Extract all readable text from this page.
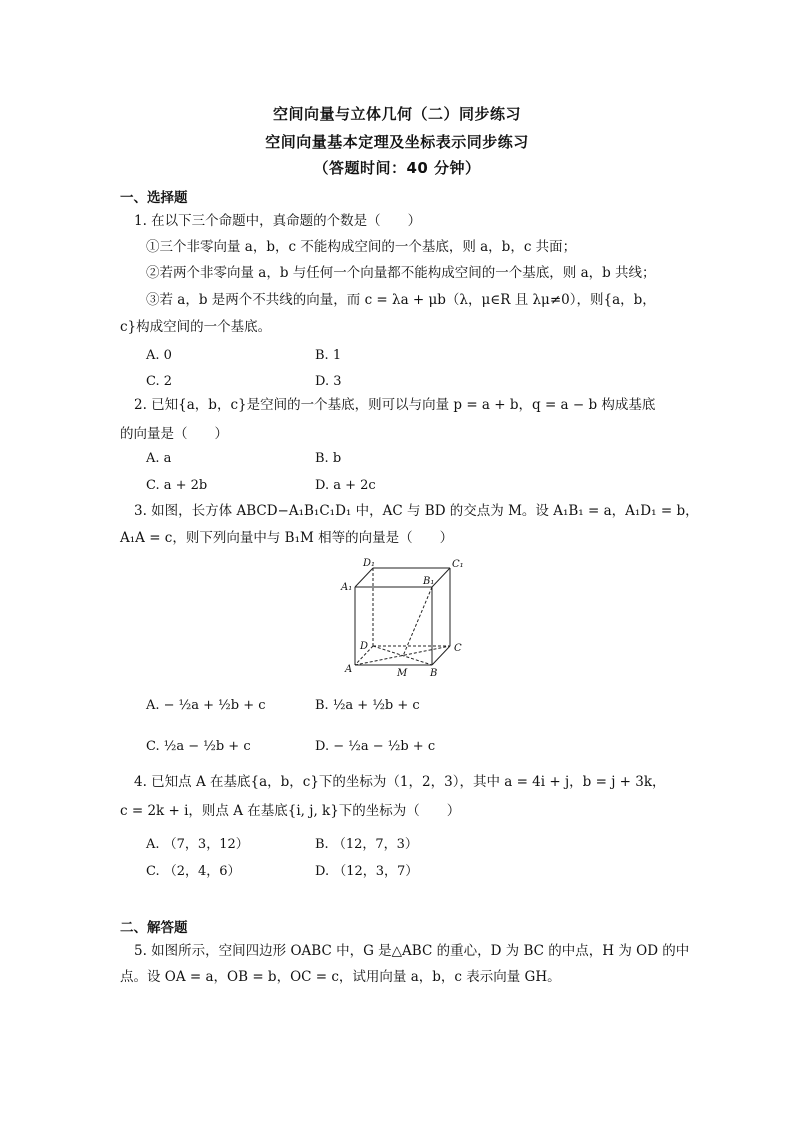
空间向量与立体几何（二）同步练习
空间向量基本定理及坐标表示同步练习
（答题时间：40 分钟）
一、选择题
1. 在以下三个命题中，真命题的个数是（　　）
①三个非零向量 a，b，c 不能构成空间的一个基底，则 a，b，c 共面；
②若两个非零向量 a，b 与任何一个向量都不能构成空间的一个基底，则 a，b 共线；
③若 a，b 是两个不共线的向量，而 c = λa + μb（λ，μ∈R 且 λμ≠0），则{a，b，
c}构成空间的一个基底。
A. 0	B. 1
C. 2	D. 3
2. 已知{a，b，c}是空间的一个基底，则可以与向量 p = a + b，q = a − b 构成基底
的向量是（　　）
A. a	B. b
C. a + 2b	D. a + 2c
3. 如图，长方体 ABCD−A₁B₁C₁D₁ 中，AC 与 BD 的交点为 M。设 A₁B₁ = a，A₁D₁ = b，
A₁A = c，则下列向量中与 B₁M 相等的向量是（　　）
D₁	C₁
A₁
B₁
D	C
A	M B
A. − ½a + ½b + c	B. ½a + ½b + c
C. ½a − ½b + c	D. − ½a − ½b + c
4. 已知点 A 在基底{a，b，c}下的坐标为（1，2，3），其中 a = 4i + j，b = j + 3k，
c = 2k + i，则点 A 在基底{i, j, k}下的坐标为（　　）
A. （7，3，12）	B. （12，7，3）
C. （2，4，6）	D. （12，3，7）
二、解答题
5. 如图所示，空间四边形 OABC 中，G 是△ABC 的重心，D 为 BC 的中点，H 为 OD 的中
点。设 OA = a，OB = b，OC = c，试用向量 a，b，c 表示向量 GH。
